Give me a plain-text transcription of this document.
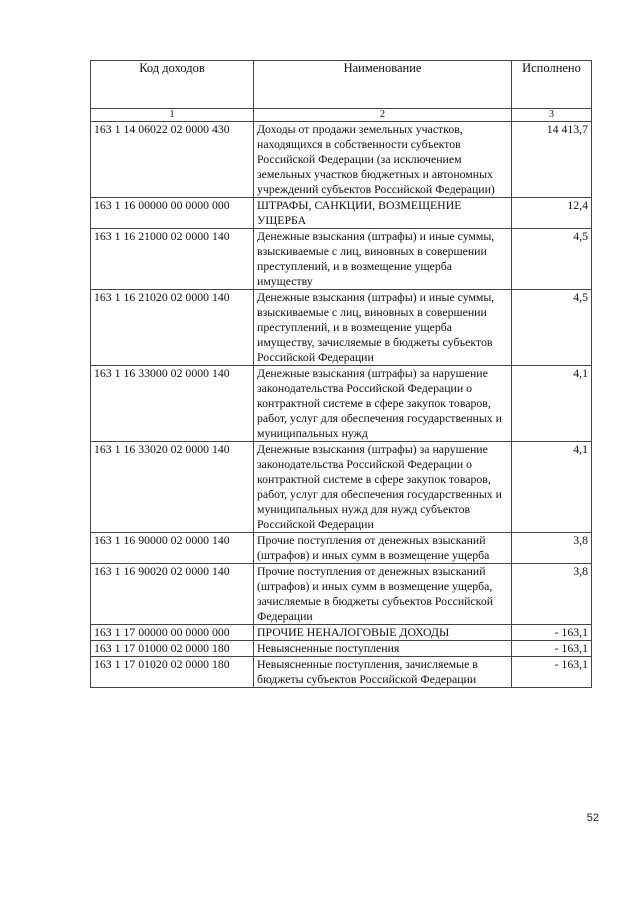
Код доходов	Наименование	Исполнено
1	2	3
163 1 14 06022 02 0000 430	Доходы от продажи земельных участков, находящихся в собственности субъектов Российской Федерации (за исключением земельных участков бюджетных и автономных учреждений субъектов Российской Федерации)	14 413,7
163 1 16 00000 00 0000 000	ШТРАФЫ, САНКЦИИ, ВОЗМЕЩЕНИЕ УЩЕРБА	12,4
163 1 16 21000 02 0000 140	Денежные взыскания (штрафы) и иные суммы, взыскиваемые с лиц, виновных в совершении преступлений, и в возмещение ущерба имуществу	4,5
163 1 16 21020 02 0000 140	Денежные взыскания (штрафы) и иные суммы, взыскиваемые с лиц, виновных в совершении преступлений, и в возмещение ущерба имуществу, зачисляемые в бюджеты субъектов Российской Федерации	4,5
163 1 16 33000 02 0000 140	Денежные взыскания (штрафы) за нарушение законодательства Российской Федерации о контрактной системе в сфере закупок товаров, работ, услуг для обеспечения государственных и муниципальных нужд	4,1
163 1 16 33020 02 0000 140	Денежные взыскания (штрафы) за нарушение законодательства Российской Федерации о контрактной системе в сфере закупок товаров, работ, услуг для обеспечения государственных и муниципальных нужд для нужд субъектов Российской Федерации	4,1
163 1 16 90000 02 0000 140	Прочие поступления от денежных взысканий (штрафов) и иных сумм в возмещение ущерба	3,8
163 1 16 90020 02 0000 140	Прочие поступления от денежных взысканий (штрафов) и иных сумм в возмещение ущерба, зачисляемые в бюджеты субъектов Российской Федерации	3,8
163 1 17 00000 00 0000 000	ПРОЧИЕ НЕНАЛОГОВЫЕ ДОХОДЫ	- 163,1
163 1 17 01000 02 0000 180	Невыясненные поступления	- 163,1
163 1 17 01020 02 0000 180	Невыясненные поступления, зачисляемые в бюджеты субъектов Российской Федерации	- 163,1
52
